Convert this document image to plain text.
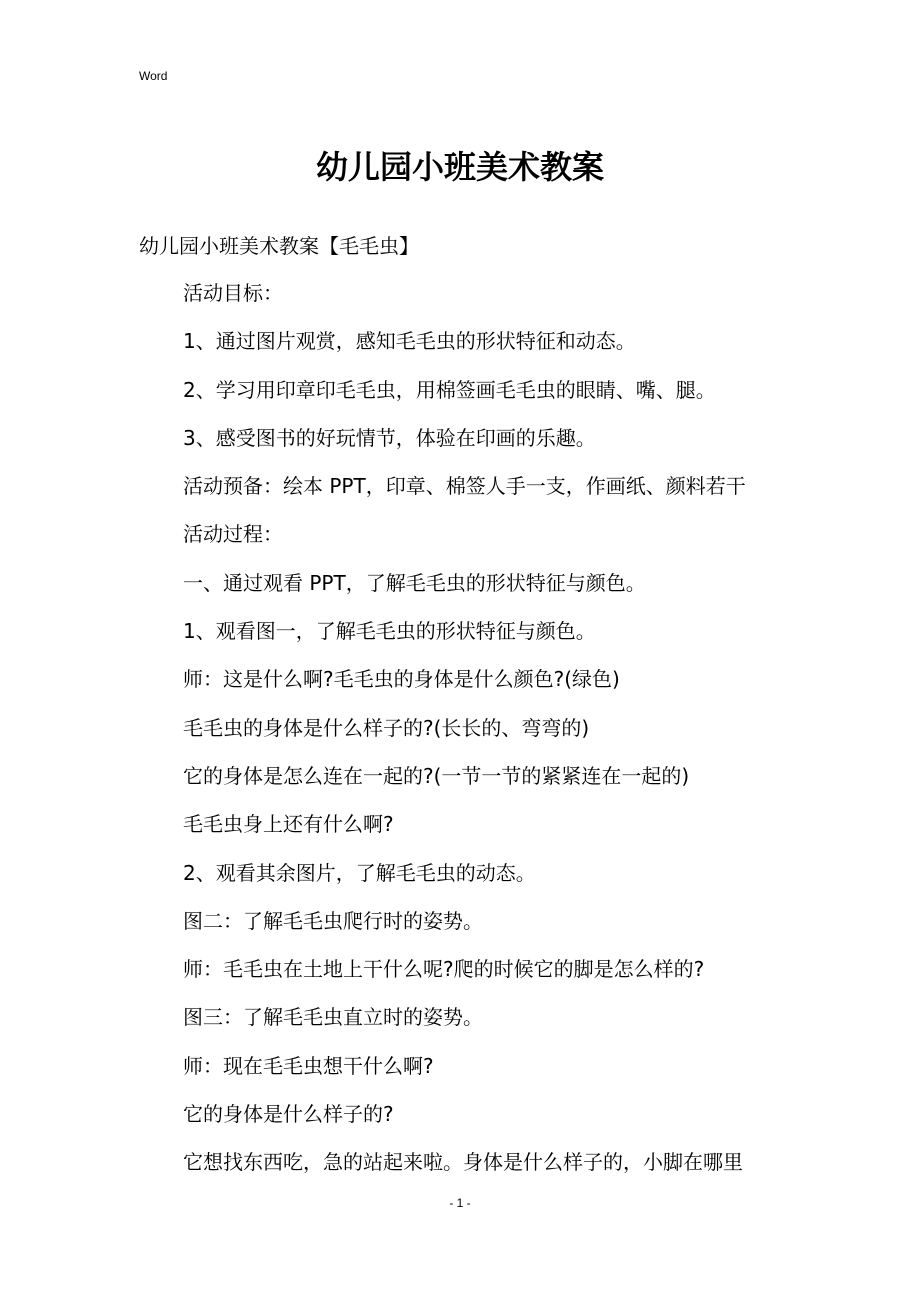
Word
幼儿园小班美术教案
幼儿园小班美术教案【毛毛虫】
活动目标：
1、通过图片观赏，感知毛毛虫的形状特征和动态。
2、学习用印章印毛毛虫，用棉签画毛毛虫的眼睛、嘴、腿。
3、感受图书的好玩情节，体验在印画的乐趣。
活动预备：绘本 PPT，印章、棉签人手一支，作画纸、颜料若干
活动过程：
一、通过观看 PPT，了解毛毛虫的形状特征与颜色。
1、观看图一，了解毛毛虫的形状特征与颜色。
师：这是什么啊?毛毛虫的身体是什么颜色?(绿色)
毛毛虫的身体是什么样子的?(长长的、弯弯的)
它的身体是怎么连在一起的?(一节一节的紧紧连在一起的)
毛毛虫身上还有什么啊?
2、观看其余图片，了解毛毛虫的动态。
图二：了解毛毛虫爬行时的姿势。
师：毛毛虫在土地上干什么呢?爬的时候它的脚是怎么样的?
图三：了解毛毛虫直立时的姿势。
师：现在毛毛虫想干什么啊?
它的身体是什么样子的?
它想找东西吃，急的站起来啦。身体是什么样子的，小脚在哪里
- 1 -
